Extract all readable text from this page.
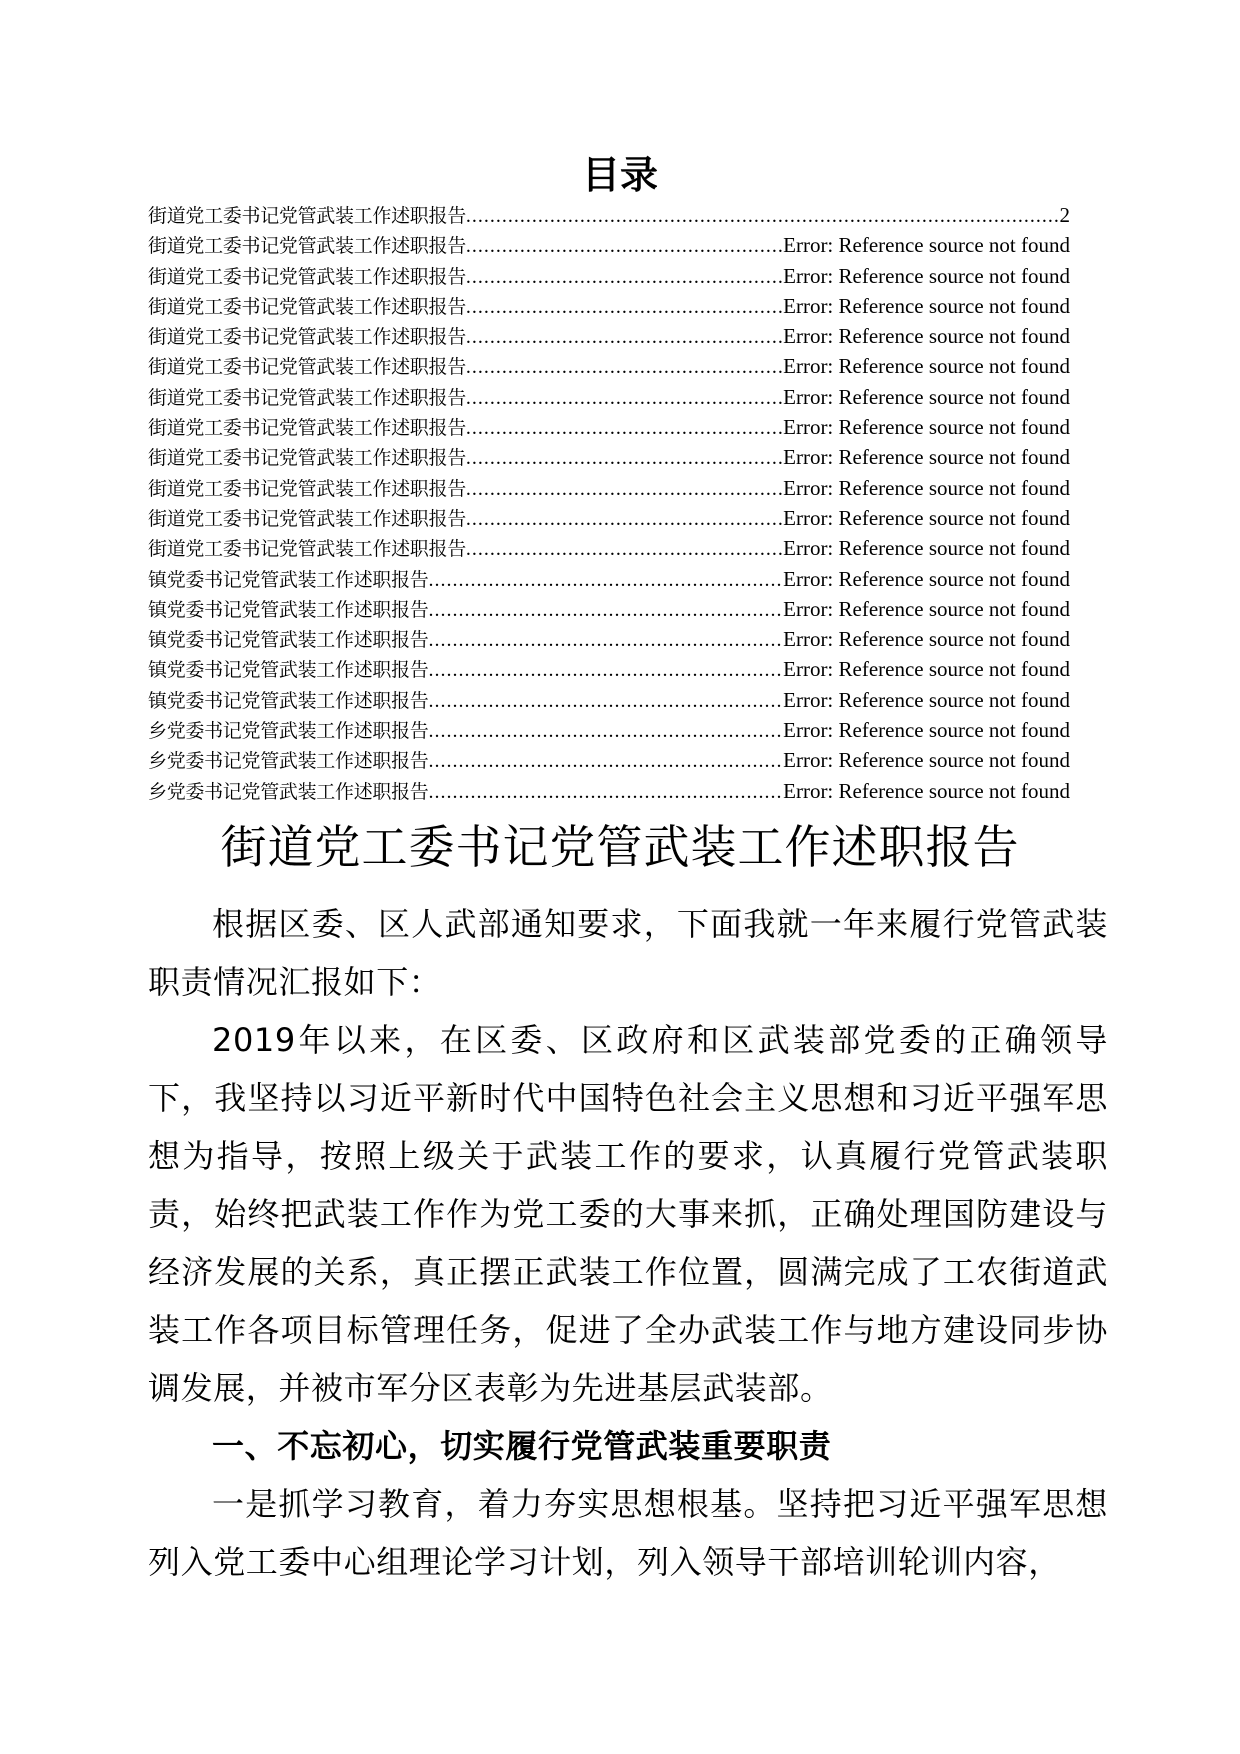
目录
街道党工委书记党管武装工作述职报告 .....	2
街道党工委书记党管武装工作述职报告 .....	Error: Reference source not found
街道党工委书记党管武装工作述职报告 .....	Error: Reference source not found
街道党工委书记党管武装工作述职报告 .....	Error: Reference source not found
街道党工委书记党管武装工作述职报告 .....	Error: Reference source not found
街道党工委书记党管武装工作述职报告 .....	Error: Reference source not found
街道党工委书记党管武装工作述职报告 .....	Error: Reference source not found
街道党工委书记党管武装工作述职报告 .....	Error: Reference source not found
街道党工委书记党管武装工作述职报告 .....	Error: Reference source not found
街道党工委书记党管武装工作述职报告 .....	Error: Reference source not found
街道党工委书记党管武装工作述职报告 .....	Error: Reference source not found
街道党工委书记党管武装工作述职报告 .....	Error: Reference source not found
镇党委书记党管武装工作述职报告 .....	Error: Reference source not found
镇党委书记党管武装工作述职报告 .....	Error: Reference source not found
镇党委书记党管武装工作述职报告 .....	Error: Reference source not found
镇党委书记党管武装工作述职报告 .....	Error: Reference source not found
镇党委书记党管武装工作述职报告 .....	Error: Reference source not found
乡党委书记党管武装工作述职报告 .....	Error: Reference source not found
乡党委书记党管武装工作述职报告 .....	Error: Reference source not found
乡党委书记党管武装工作述职报告 .....	Error: Reference source not found
街道党工委书记党管武装工作述职报告

根据区委、区人武部通知要求，下面我就一年来履行党管武装职责情况汇报如下：

2019年以来，在区委、区政府和区武装部党委的正确领导下，我坚持以习近平新时代中国特色社会主义思想和习近平强军思想为指导，按照上级关于武装工作的要求，认真履行党管武装职责，始终把武装工作作为党工委的大事来抓，正确处理国防建设与经济发展的关系，真正摆正武装工作位置，圆满完成了工农街道武装工作各项目标管理任务，促进了全办武装工作与地方建设同步协调发展，并被市军分区表彰为先进基层武装部。

一、不忘初心，切实履行党管武装重要职责

一是抓学习教育，着力夯实思想根基。坚持把习近平强军思想列入党工委中心组理论学习计划，列入领导干部培训轮训内容，
